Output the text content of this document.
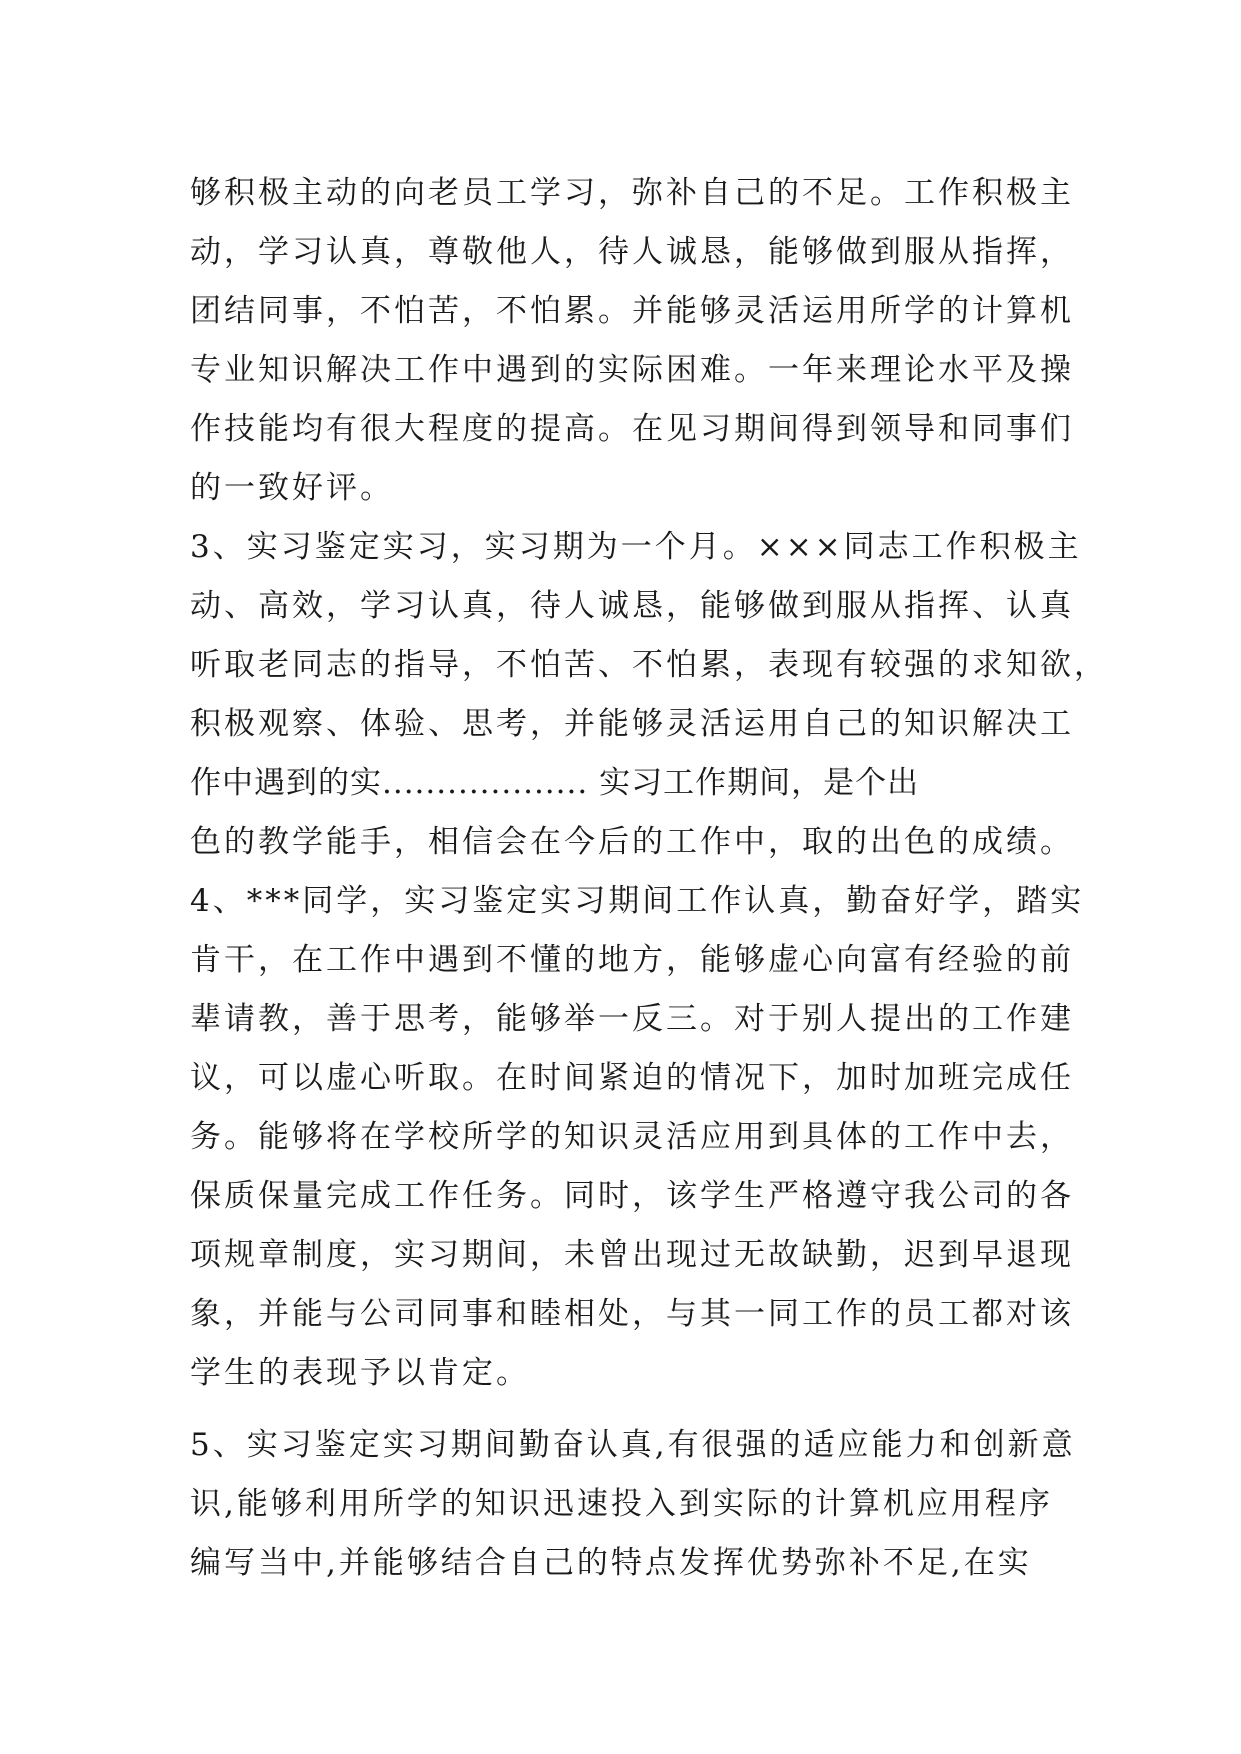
够积极主动的向老员工学习，弥补自己的不足。工作积极主
动，学习认真，尊敬他人，待人诚恳，能够做到服从指挥，
团结同事，不怕苦，不怕累。并能够灵活运用所学的计算机
专业知识解决工作中遇到的实际困难。一年来理论水平及操
作技能均有很大程度的提高。在见习期间得到领导和同事们
的一致好评。
3、实习鉴定实习，实习期为一个月。×××同志工作积极主
动、高效，学习认真，待人诚恳，能够做到服从指挥、认真
听取老同志的指导，不怕苦、不怕累，表现有较强的求知欲，
积极观察、体验、思考，并能够灵活运用自己的知识解决工
作中遇到的实................... 实习工作期间，是个出
色的教学能手，相信会在今后的工作中，取的出色的成绩。
4、***同学，实习鉴定实习期间工作认真，勤奋好学，踏实
肯干，在工作中遇到不懂的地方，能够虚心向富有经验的前
辈请教，善于思考，能够举一反三。对于别人提出的工作建
议，可以虚心听取。在时间紧迫的情况下，加时加班完成任
务。能够将在学校所学的知识灵活应用到具体的工作中去，
保质保量完成工作任务。同时，该学生严格遵守我公司的各
项规章制度，实习期间，未曾出现过无故缺勤，迟到早退现
象，并能与公司同事和睦相处，与其一同工作的员工都对该
学生的表现予以肯定。
5、实习鉴定实习期间勤奋认真,有很强的适应能力和创新意
识,能够利用所学的知识迅速投入到实际的计算机应用程序
编写当中,并能够结合自己的特点发挥优势弥补不足,在实
